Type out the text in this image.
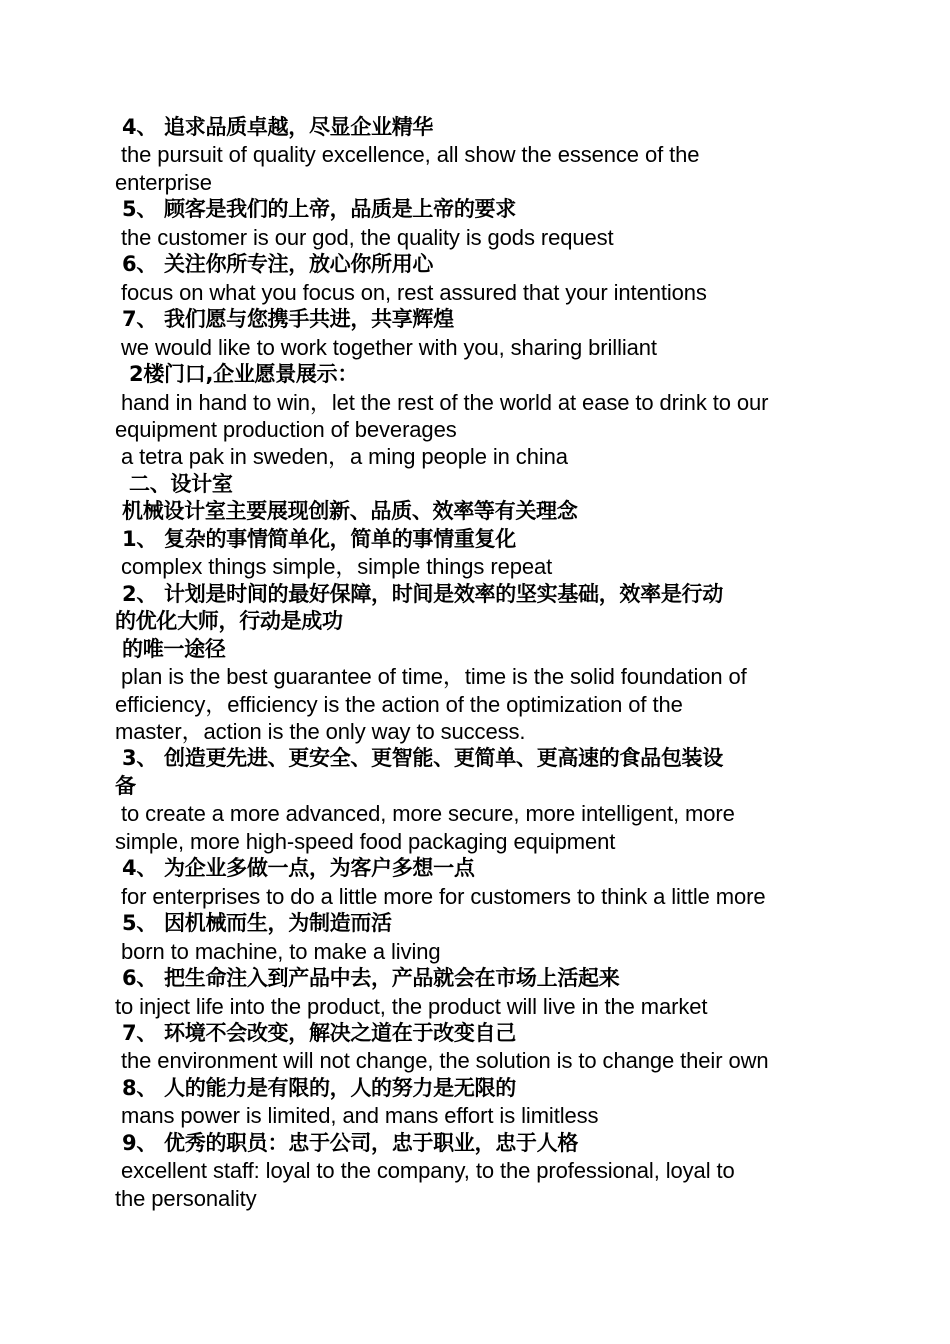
4、 追求品质卓越，尽显企业精华

the pursuit of quality excellence, all show the essence of the

enterprise

5、 顾客是我们的上帝，品质是上帝的要求

the customer is our god, the quality is gods request

6、 关注你所专注，放心你所用心

focus on what you focus on, rest assured that your intentions

7、 我们愿与您携手共进，共享辉煌

we would like to work together with you, sharing brilliant

2楼门口,企业愿景展示：

hand in hand to win，let the rest of the world at ease to drink to our

equipment production of beverages

a tetra pak in sweden，a ming people in china

二、设计室

机械设计室主要展现创新、品质、效率等有关理念

1、 复杂的事情简单化，简单的事情重复化

complex things simple，simple things repeat

2、 计划是时间的最好保障，时间是效率的坚实基础，效率是行动

的优化大师，行动是成功

的唯一途径

plan is the best guarantee of time，time is the solid foundation of

efficiency，efficiency is the action of the optimization of the

master，action is the only way to success.

3、 创造更先进、更安全、更智能、更简单、更高速的食品包装设

备

to create a more advanced, more secure, more intelligent, more

simple, more high-speed food packaging equipment

4、 为企业多做一点，为客户多想一点

for enterprises to do a little more for customers to think a little more

5、 因机械而生，为制造而活

born to machine, to make a living

6、 把生命注入到产品中去，产品就会在市场上活起来

to inject life into the product, the product will live in the market

7、 环境不会改变，解决之道在于改变自己

the environment will not change, the solution is to change their own

8、 人的能力是有限的，人的努力是无限的

mans power is limited, and mans effort is limitless

9、 优秀的职员：忠于公司，忠于职业，忠于人格

excellent staff: loyal to the company, to the professional, loyal to

the personality
